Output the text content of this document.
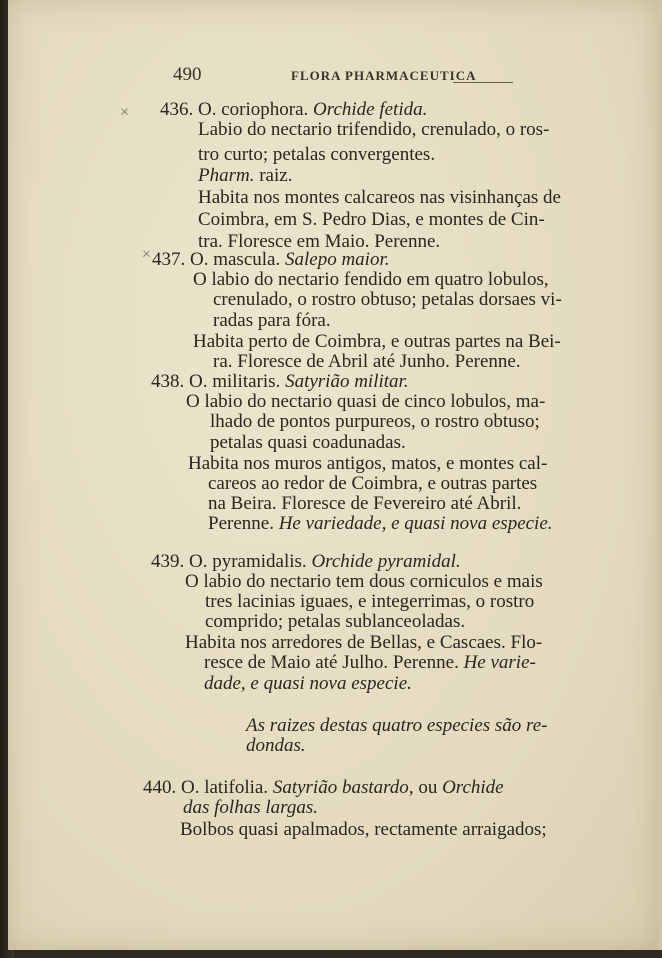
490	FLORA PHARMACEUTICA
436. O. coriophora. Orchide fetida.
Labio do nectario trifendido, crenulado, o ros-
tro curto; petalas convergentes.
Pharm. raiz.
Habita nos montes calcareos nas visinhanças de
Coimbra, em S. Pedro Dias, e montes de Cin-
tra. Floresce em Maio. Perenne.
437. O. mascula. Salepo maior.
O labio do nectario fendido em quatro lobulos,
crenulado, o rostro obtuso; petalas dorsaes vi-
radas para fóra.
Habita perto de Coimbra, e outras partes na Bei-
ra. Floresce de Abril até Junho. Perenne.
438. O. militaris. Satyrião militar.
O labio do nectario quasi de cinco lobulos, ma-
lhado de pontos purpureos, o rostro obtuso;
petalas quasi coadunadas.
Habita nos muros antigos, matos, e montes cal-
careos ao redor de Coimbra, e outras partes
na Beira. Floresce de Fevereiro até Abril.
Perenne. He variedade, e quasi nova especie.
439. O. pyramidalis. Orchide pyramidal.
O labio do nectario tem dous corniculos e mais
tres lacinias iguaes, e integerrimas, o rostro
comprido; petalas sublanceoladas.
Habita nos arredores de Bellas, e Cascaes. Flo-
resce de Maio até Julho. Perenne. He varie-
dade, e quasi nova especie.
As raizes destas quatro especies são re-
dondas.
440. O. latifolia. Satyrião bastardo, ou Orchide
das folhas largas.
Bolbos quasi apalmados, rectamente arraigados;
×
×
